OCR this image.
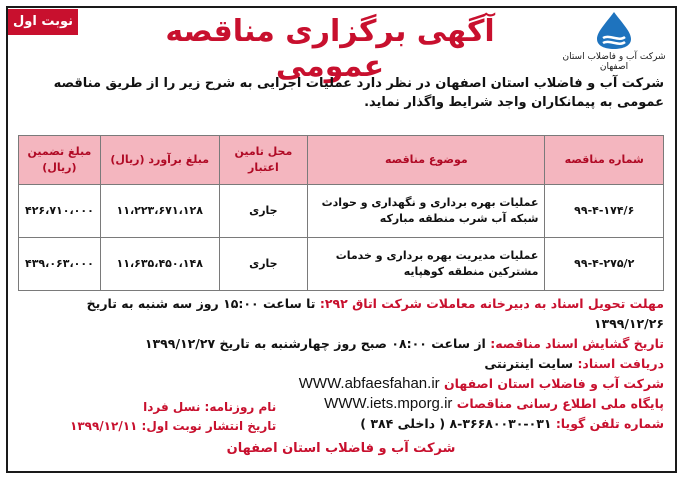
نوبت اول	آگهی برگزاری مناقصه عمومی	شرکت آب و فاضلاب استان اصفهان
شرکت آب و فاضلاب استان اصفهان در نظر دارد عملیات اجرایی به شرح زیر را از طریق مناقصه عمومی به پیمانکاران واجد شرایط واگذار نماید.
شماره مناقصه	موضوع مناقصه	محل تامین اعتبار	مبلغ برآورد (ریال)	مبلغ تضمین (ریال)
۹۹-۴-۱۷۴/۶	عملیات بهره برداری و نگهداری و حوادث شبکه آب شرب منطقه مبارکه	جاری	۱۱،۲۲۳،۶۷۱،۱۲۸	۴۲۶،۷۱۰،۰۰۰
۹۹-۴-۲۷۵/۲	عملیات مدیریت بهره برداری و خدمات مشترکین منطقه کوهپایه	جاری	۱۱،۶۳۵،۴۵۰،۱۴۸	۴۳۹،۰۶۳،۰۰۰
مهلت تحویل اسناد به دبیرخانه معاملات شرکت اتاق ۲۹۲: تا ساعت ۱۵:۰۰ روز سه شنبه به تاریخ ۱۳۹۹/۱۲/۲۶
تاریخ گشایش اسناد مناقصه: از ساعت ۰۸:۰۰ صبح روز چهارشنبه به تاریخ ۱۳۹۹/۱۲/۲۷
دریافت اسناد: سایت اینترنتی
شرکت آب و فاضلاب استان اصفهان WWW.abfaesfahan.ir
پایگاه ملی اطلاع رسانی مناقصات WWW.iets.mporg.ir
شماره تلفن گویا: ۰۳۱-۳۶۶۸۰۰۳۰-۸ ( داخلی ۳۸۴ )
نام روزنامه: نسل فردا
تاریخ انتشار نوبت اول: ۱۳۹۹/۱۲/۱۱
شرکت آب و فاضلاب استان اصفهان
